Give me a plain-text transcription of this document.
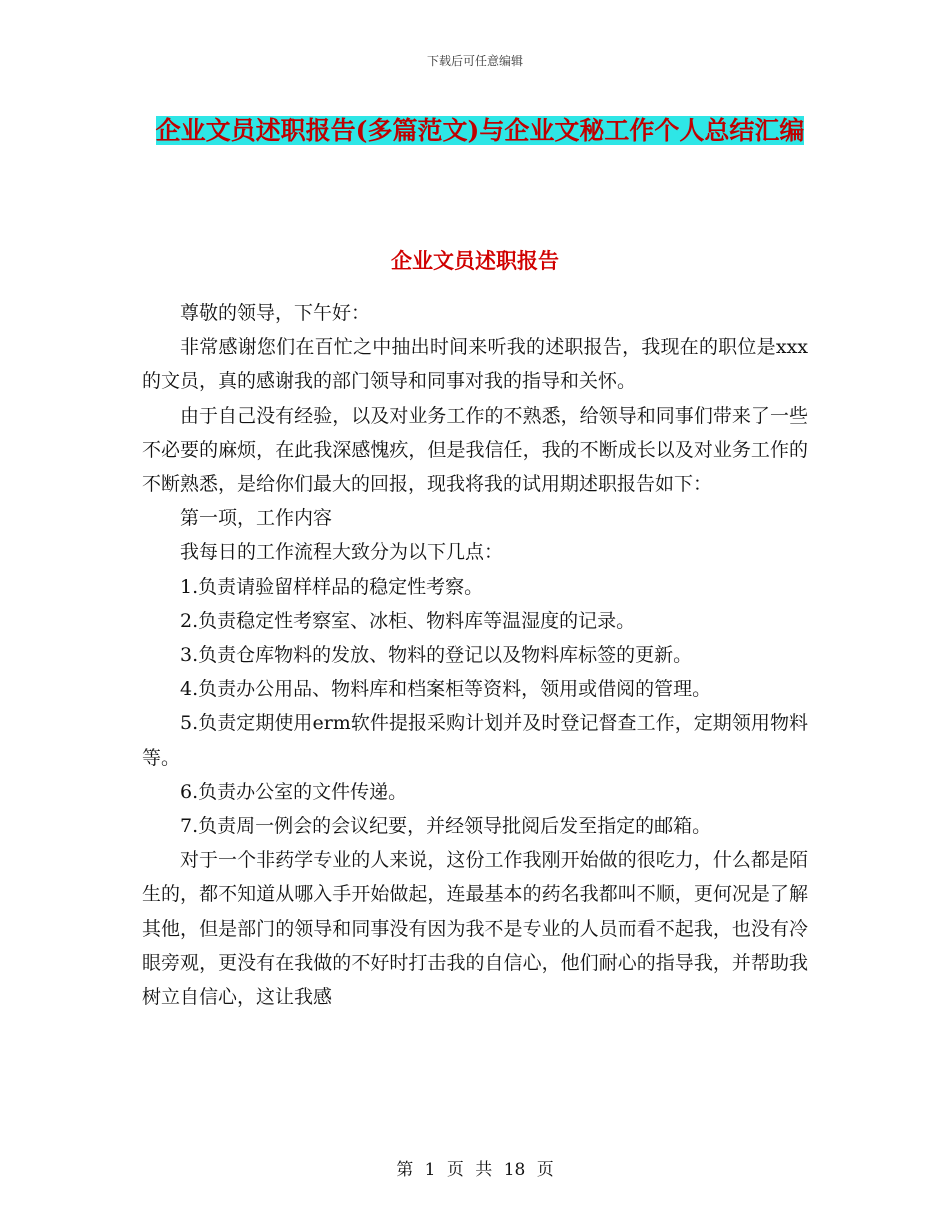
下载后可任意编辑
企业文员述职报告(多篇范文)与企业文秘工作个人总结汇编
企业文员述职报告

尊敬的领导，下午好：

非常感谢您们在百忙之中抽出时间来听我的述职报告，我现在的职位是xxx的文员，真的感谢我的部门领导和同事对我的指导和关怀。

由于自己没有经验，以及对业务工作的不熟悉，给领导和同事们带来了一些不必要的麻烦，在此我深感愧疚，但是我信任，我的不断成长以及对业务工作的不断熟悉，是给你们最大的回报，现我将我的试用期述职报告如下：

第一项，工作内容

我每日的工作流程大致分为以下几点：

1.负责请验留样样品的稳定性考察。

2.负责稳定性考察室、冰柜、物料库等温湿度的记录。

3.负责仓库物料的发放、物料的登记以及物料库标签的更新。

4.负责办公用品、物料库和档案柜等资料，领用或借阅的管理。

5.负责定期使用erm软件提报采购计划并及时登记督查工作，定期领用物料等。

6.负责办公室的文件传递。

7.负责周一例会的会议纪要，并经领导批阅后发至指定的邮箱。

对于一个非药学专业的人来说，这份工作我刚开始做的很吃力，什么都是陌生的，都不知道从哪入手开始做起，连最基本的药名我都叫不顺，更何况是了解其他，但是部门的领导和同事没有因为我不是专业的人员而看不起我，也没有冷眼旁观，更没有在我做的不好时打击我的自信心，他们耐心的指导我，并帮助我树立自信心，这让我感

第 1 页 共 18 页
